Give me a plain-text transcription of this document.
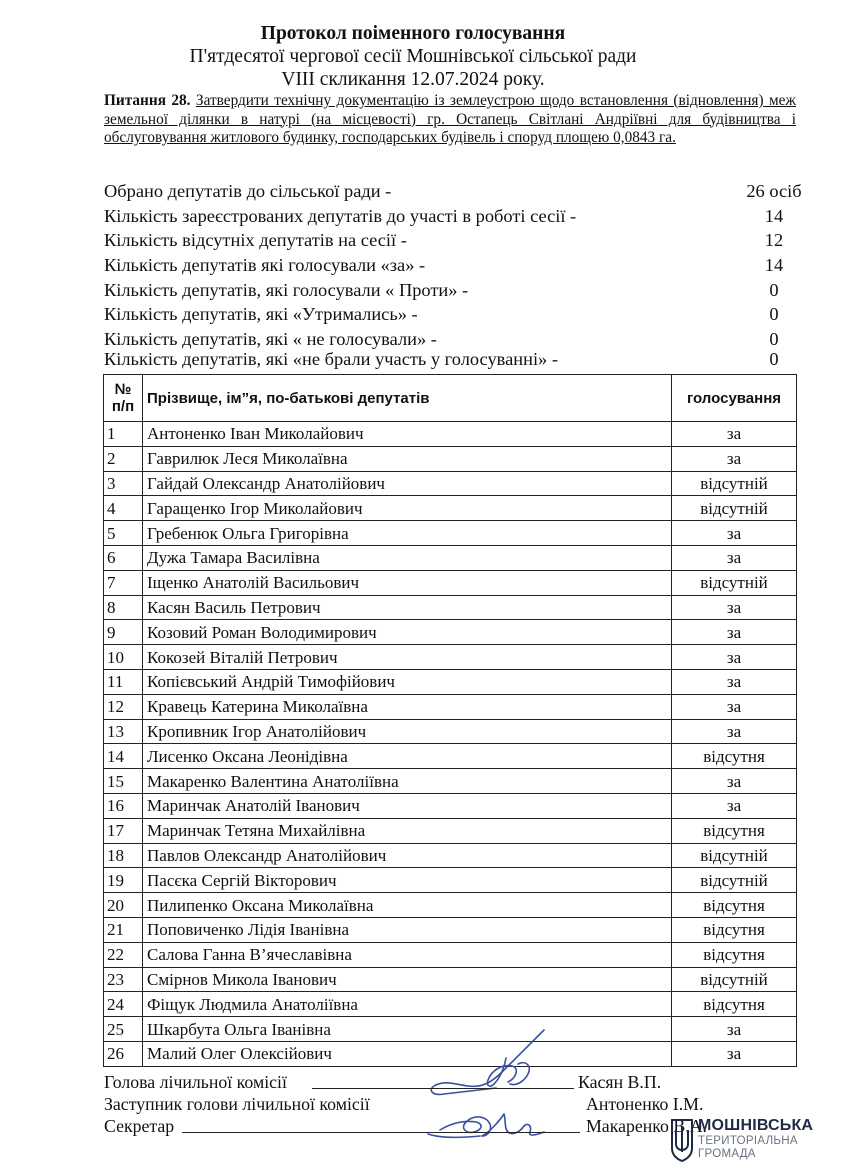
Протокол поіменного голосування
П'ятдесятої чергової сесії Мошнівської сільської ради
VIII скликання 12.07.2024 року.
Питання 28. Затвердити технічну документацію із землеустрою щодо встановлення (відновлення) меж земельної ділянки в натурі (на місцевості) гр. Остапець Світлані Андріївні для будівництва і обслуговування житлового будинку, господарських будівель і споруд площею 0,0843 га.
Обрано депутатів до сільської ради -	26 осіб
Кількість зареєстрованих депутатів до участі в роботі сесії -	14
Кількість відсутніх депутатів на сесії -	12
Кількість депутатів які голосували «за» -	14
Кількість депутатів, які голосували « Проти» -	0
Кількість депутатів, які «Утримались» -	0
Кількість депутатів, які « не голосували» -	0
Кількість депутатів, які «не брали участь у голосуванні» -	0
№ п/п	Прізвище, ім”я, по-батькові депутатів	голосування
1	Антоненко Іван Миколайович	за
2	Гаврилюк Леся Миколаївна	за
3	Гайдай Олександр Анатолійович	відсутній
4	Гаращенко Ігор Миколайович	відсутній
5	Гребенюк Ольга Григорівна	за
6	Дужа Тамара Василівна	за
7	Іщенко Анатолій Васильович	відсутній
8	Касян Василь Петрович	за
9	Козовий Роман Володимирович	за
10	Кокозей Віталій Петрович	за
11	Копієвський Андрій Тимофійович	за
12	Кравець Катерина Миколаївна	за
13	Кропивник Ігор Анатолійович	за
14	Лисенко Оксана Леонідівна	відсутня
15	Макаренко Валентина Анатоліївна	за
16	Маринчак Анатолій Іванович	за
17	Маринчак Тетяна Михайлівна	відсутня
18	Павлов Олександр Анатолійович	відсутній
19	Пасєка Сергій Вікторович	відсутній
20	Пилипенко Оксана Миколаївна	відсутня
21	Поповиченко Лідія Іванівна	відсутня
22	Салова Ганна В’ячеславівна	відсутня
23	Смірнов Микола Іванович	відсутній
24	Фіщук Людмила Анатоліївна	відсутня
25	Шкарбута Ольга Іванівна	за
26	Малий Олег Олексійович	за
Голова лічильної комісії	Касян В.П.
Заступник голови лічильної комісії	Антоненко І.М.
Секретар	Макаренко В.А.
МОШНІВСЬКА
ТЕРИТОРІАЛЬНА
ГРОМАДА
